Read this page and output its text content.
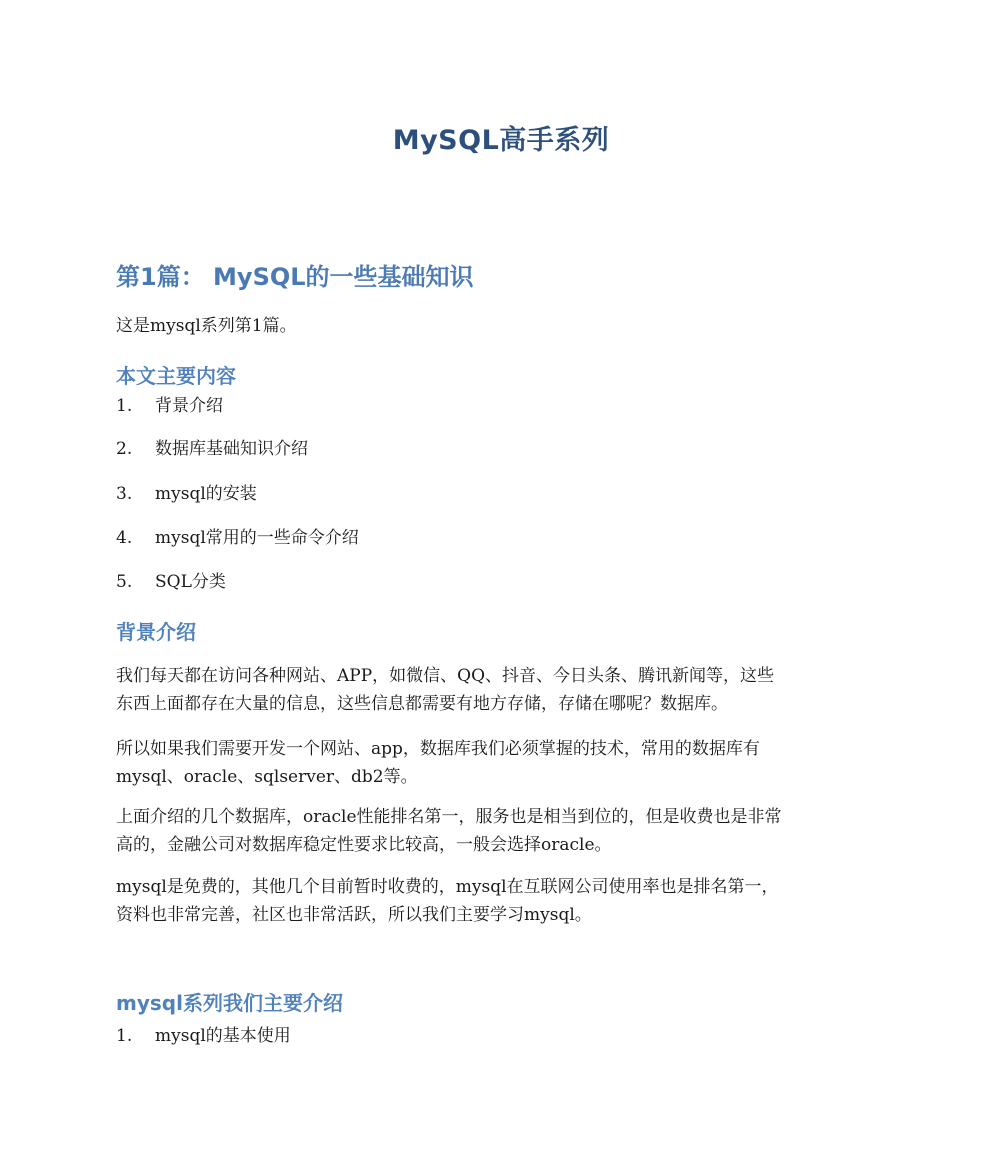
MySQL高手系列
第1篇： MySQL的一些基础知识
这是mysql系列第1篇。
本文主要内容
1.	背景介绍
2.	数据库基础知识介绍
3.	mysql的安装
4.	mysql常用的一些命令介绍
5.	SQL分类
背景介绍
我们每天都在访问各种网站、APP，如微信、QQ、抖音、今日头条、腾讯新闻等，这些
东西上面都存在大量的信息，这些信息都需要有地方存储，存储在哪呢？数据库。
所以如果我们需要开发一个网站、app，数据库我们必须掌握的技术，常用的数据库有
mysql、oracle、sqlserver、db2等。
上面介绍的几个数据库，oracle性能排名第一，服务也是相当到位的，但是收费也是非常
高的，金融公司对数据库稳定性要求比较高，一般会选择oracle。
mysql是免费的，其他几个目前暂时收费的，mysql在互联网公司使用率也是排名第一，
资料也非常完善，社区也非常活跃，所以我们主要学习mysql。
mysql系列我们主要介绍
1.	mysql的基本使用
